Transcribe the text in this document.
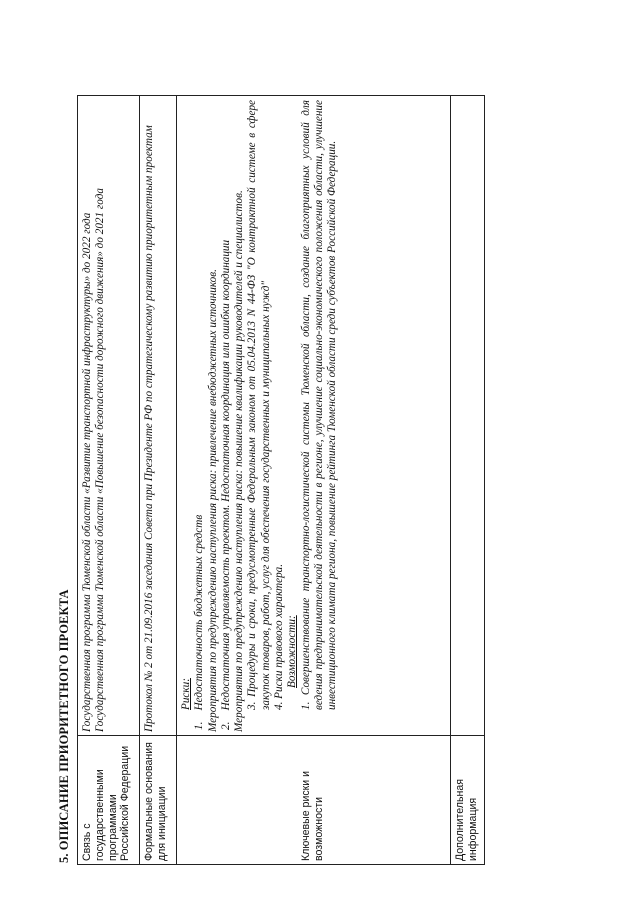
5. ОПИСАНИЕ ПРИОРИТЕТНОГО ПРОЕКТА Связь с государственными программами Российской Федерации

Государственная программа Тюменской области «Развитие транспортной инфраструктуры» до 2022 года Государственная программа Тюменской области «Повышение безопасности дорожного движения» до 2021 года

Формальные основания для инициации
Протокол № 2 от 21.09.2016 заседания Совета при Президенте РФ по стратегическому развитию приоритетным проектам
Ключевые риски и возможности

Риски:

1.    Недостаточность бюджетных средств Мероприятия по предупреждению наступления риска: привлечение внебюджетных источников. 2.    Недостаточная управляемость проектом. Недостаточная координация или ошибки координации Мероприятия по предупреждению наступления риска: повышение квалификации руководителей и специалистов. 3. Процедуры и сроки, предусмотренные Федеральным законом от 05.04.2013 N 44-ФЗ "О контрактной системе в сфере закупок товаров, работ, услуг для обеспечения государственных и муниципальных нужд" 4. Риски правового характера. Возможности: 1. Совершенствование транспортно-логистической системы Тюменской области, создание благоприятных условий для ведения предпринимательской деятельности в регионе, улучшение социально-экономического положения области, улучшение инвестиционного климата региона, повышение рейтинга Тюменской области среди субъектов Российской Федерации.

Дополнительная информация
